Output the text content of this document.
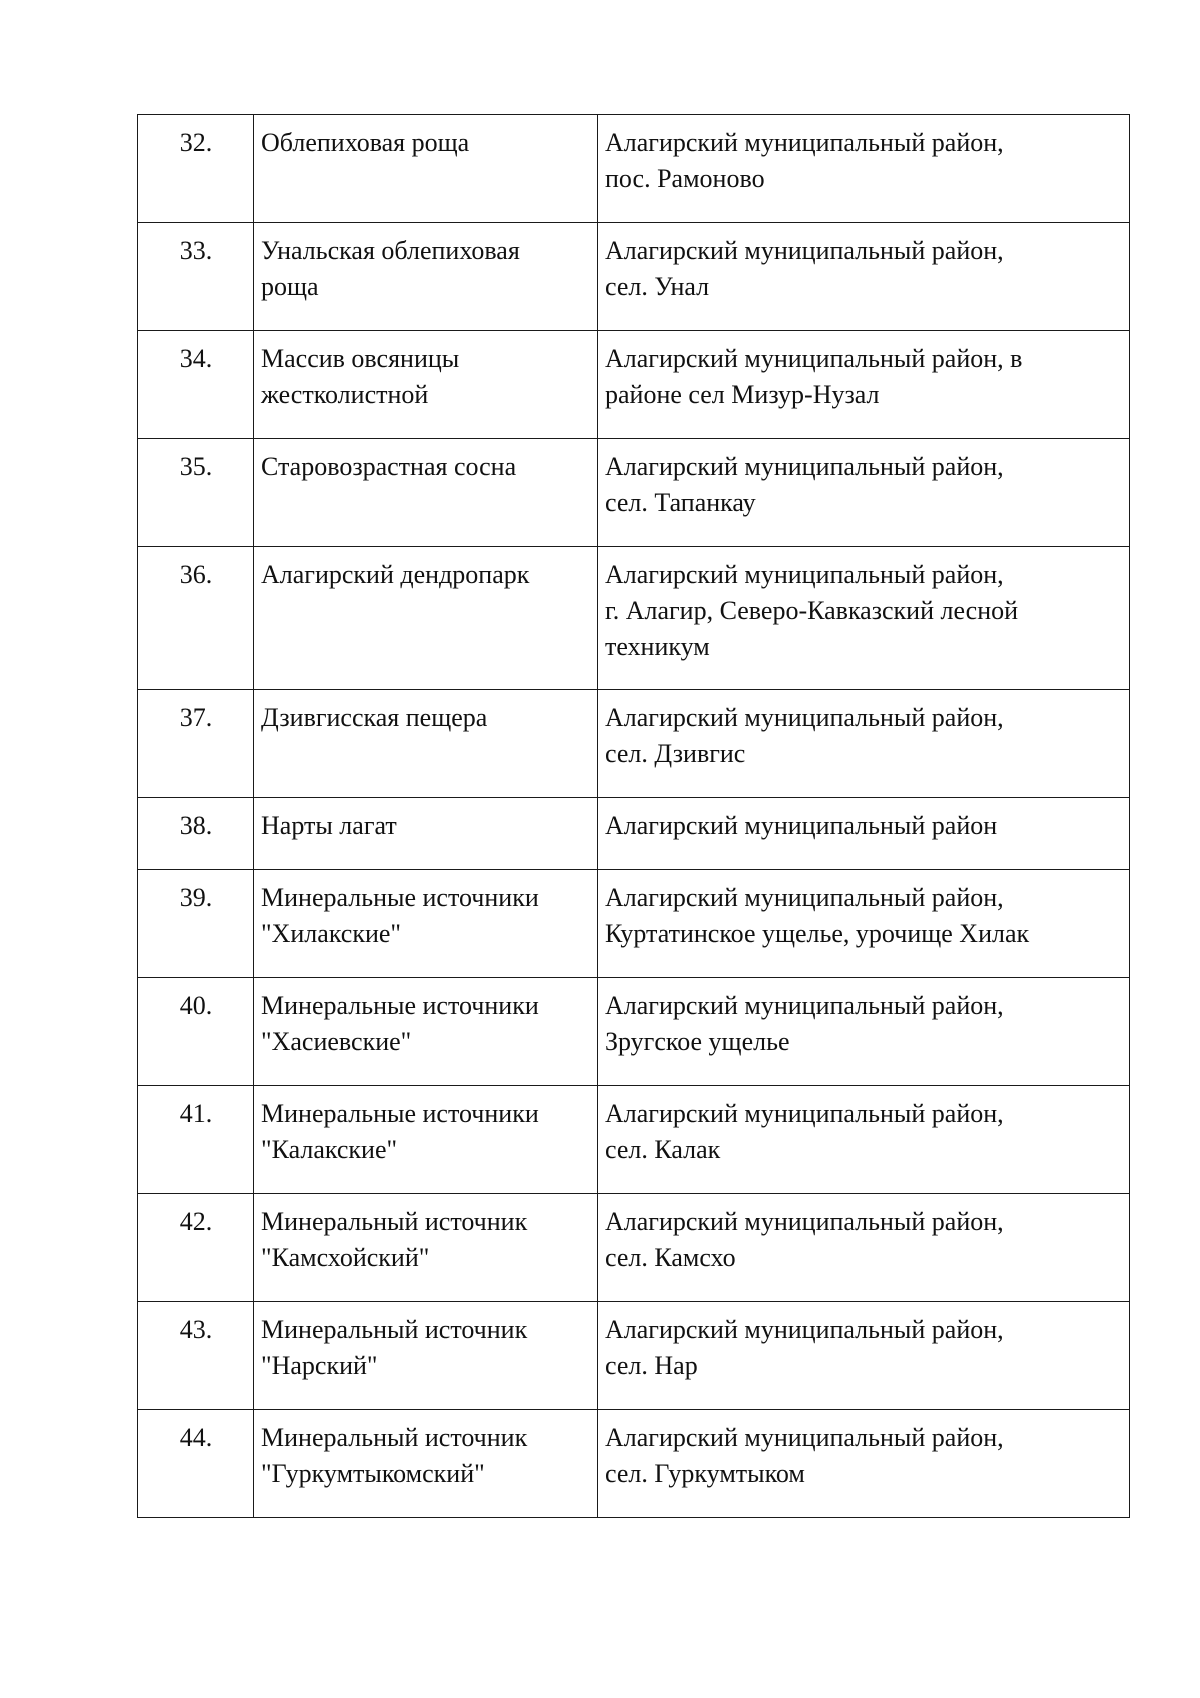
32.	Облепиховая роща	Алагирский муниципальный район,
пос. Рамоново
33.	Унальская облепиховая
роща	Алагирский муниципальный район,
сел. Унал
34.	Массив овсяницы
жестколистной	Алагирский муниципальный район, в
районе сел Мизур-Нузал
35.	Старовозрастная сосна	Алагирский муниципальный район,
сел. Тапанкау
36.	Алагирский дендропарк	Алагирский муниципальный район,
г. Алагир, Северо-Кавказский лесной
техникум
37.	Дзивгисская пещера	Алагирский муниципальный район,
сел. Дзивгис
38.	Нарты лагат	Алагирский муниципальный район
39.	Минеральные источники
"Хилакские"	Алагирский муниципальный район,
Куртатинское ущелье, урочище Хилак
40.	Минеральные источники
"Хасиевские"	Алагирский муниципальный район,
Зругское ущелье
41.	Минеральные источники
"Калакские"	Алагирский муниципальный район,
сел. Калак
42.	Минеральный источник
"Камсхойский"	Алагирский муниципальный район,
сел. Камсхо
43.	Минеральный источник
"Нарский"	Алагирский муниципальный район,
сел. Нар
44.	Минеральный источник
"Гуркумтыкомский"	Алагирский муниципальный район,
сел. Гуркумтыком
